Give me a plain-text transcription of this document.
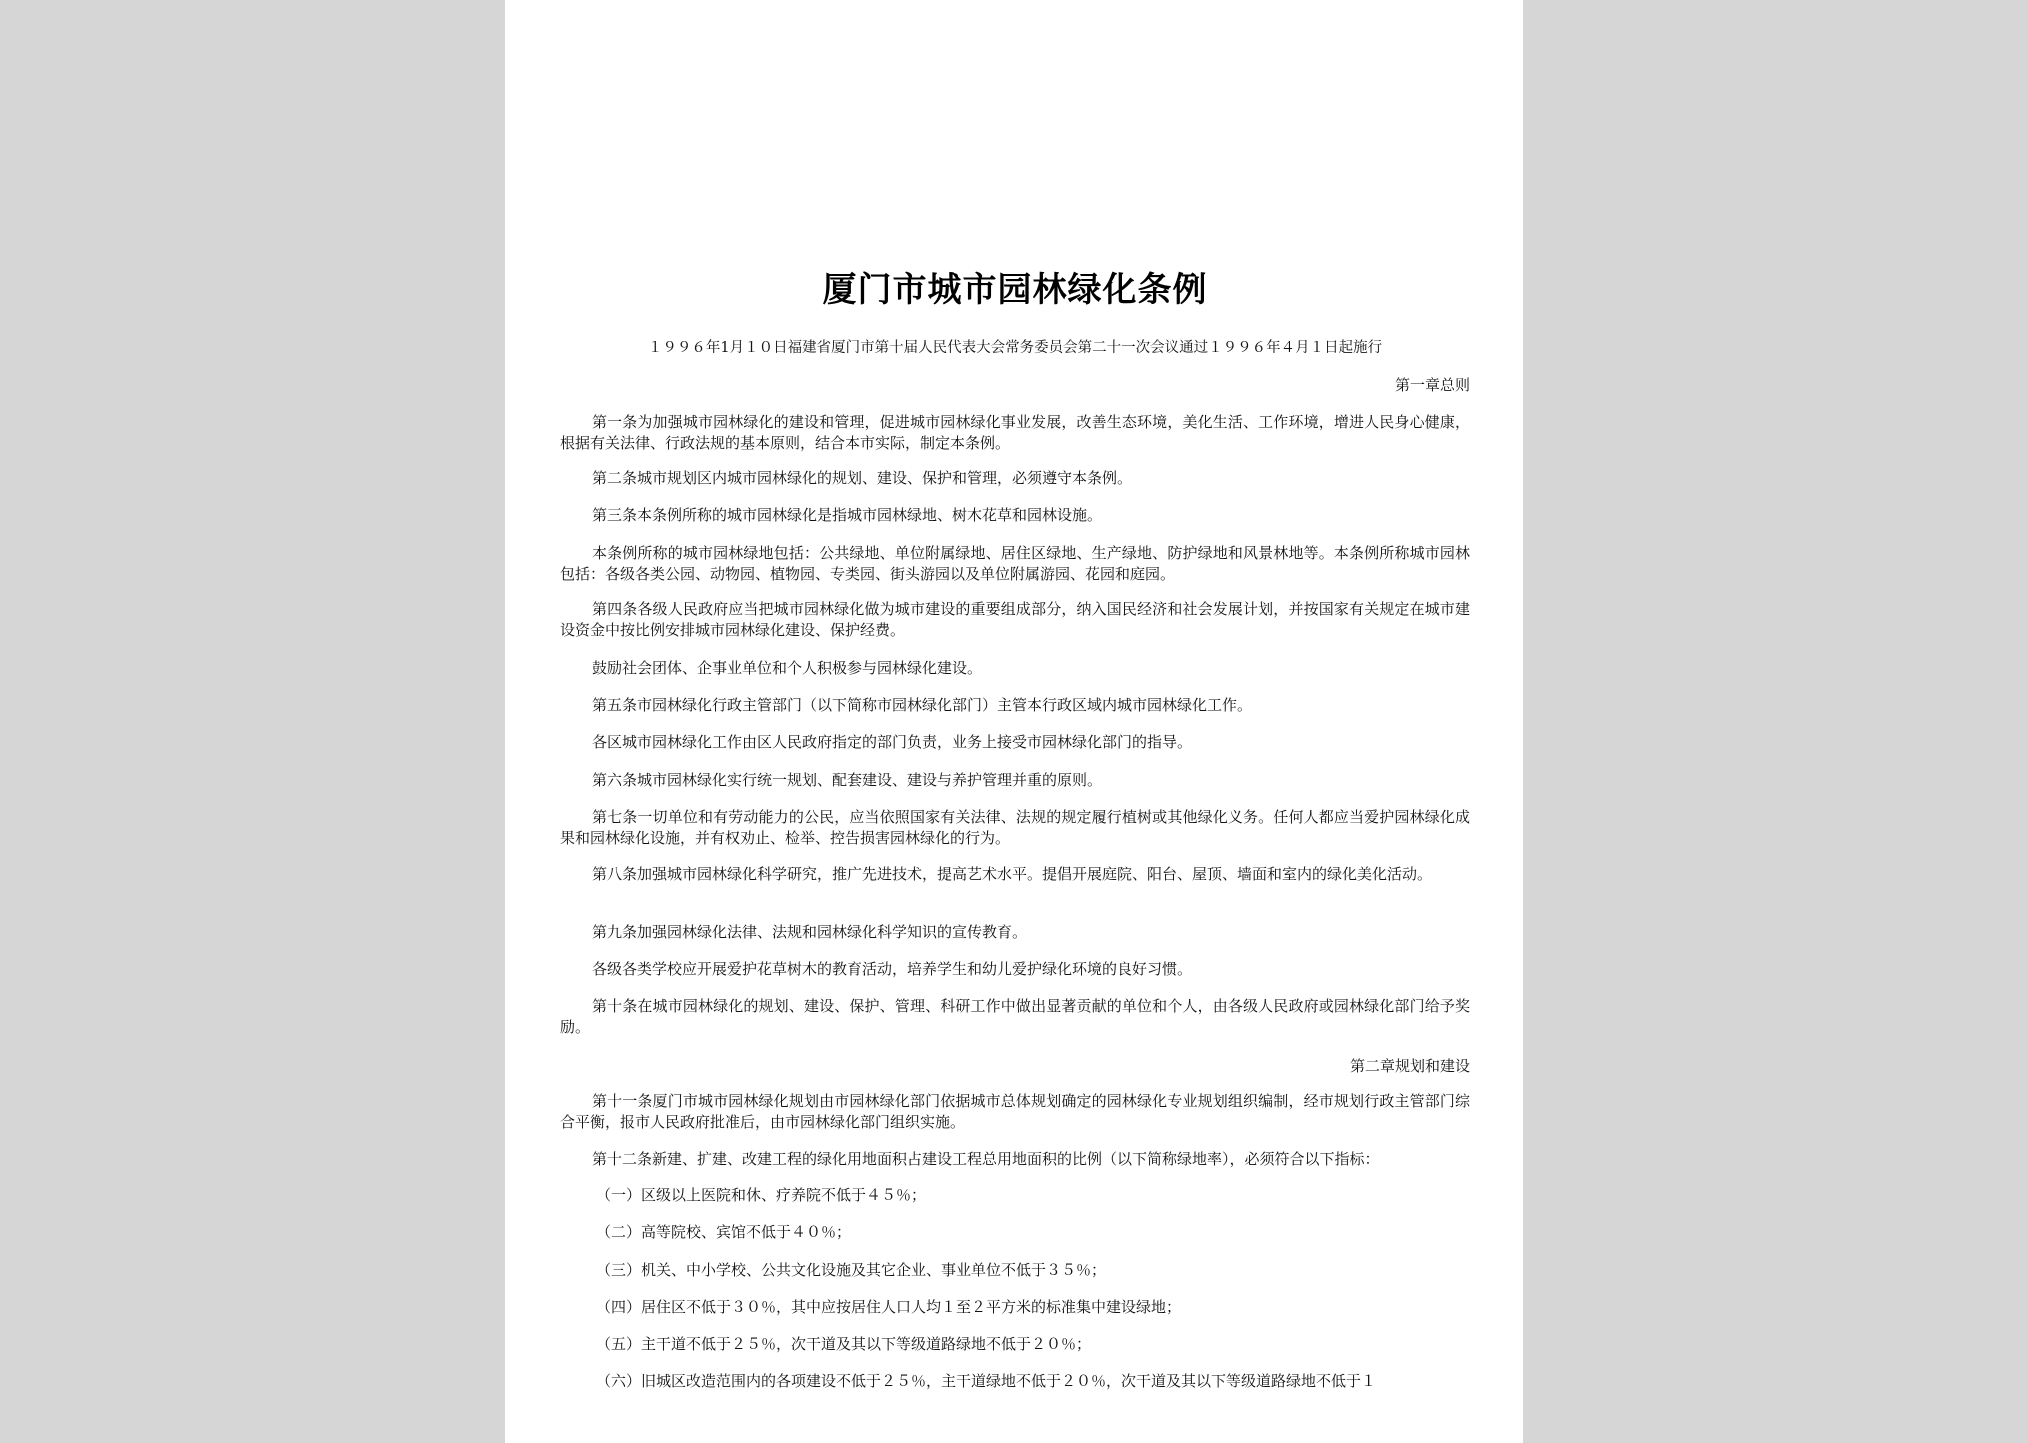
厦门市城市园林绿化条例
１９９６年1月１０日福建省厦门市第十届人民代表大会常务委员会第二十一次会议通过１９９６年４月１日起施行
第一章总则

第一条为加强城市园林绿化的建设和管理，促进城市园林绿化事业发展，改善生态环境，美化生活、工作环境，增进人民身心健康，根据有关法律、行政法规的基本原则，结合本市实际，制定本条例。

第二条城市规划区内城市园林绿化的规划、建设、保护和管理，必须遵守本条例。

第三条本条例所称的城市园林绿化是指城市园林绿地、树木花草和园林设施。

本条例所称的城市园林绿地包括：公共绿地、单位附属绿地、居住区绿地、生产绿地、防护绿地和风景林地等。本条例所称城市园林包括：各级各类公园、动物园、植物园、专类园、街头游园以及单位附属游园、花园和庭园。

第四条各级人民政府应当把城市园林绿化做为城市建设的重要组成部分，纳入国民经济和社会发展计划，并按国家有关规定在城市建设资金中按比例安排城市园林绿化建设、保护经费。

鼓励社会团体、企事业单位和个人积极参与园林绿化建设。

第五条市园林绿化行政主管部门（以下简称市园林绿化部门）主管本行政区域内城市园林绿化工作。

各区城市园林绿化工作由区人民政府指定的部门负责，业务上接受市园林绿化部门的指导。

第六条城市园林绿化实行统一规划、配套建设、建设与养护管理并重的原则。

第七条一切单位和有劳动能力的公民，应当依照国家有关法律、法规的规定履行植树或其他绿化义务。任何人都应当爱护园林绿化成果和园林绿化设施，并有权劝止、检举、控告损害园林绿化的行为。

第八条加强城市园林绿化科学研究，推广先进技术，提高艺术水平。提倡开展庭院、阳台、屋顶、墙面和室内的绿化美化活动。

第九条加强园林绿化法律、法规和园林绿化科学知识的宣传教育。

各级各类学校应开展爱护花草树木的教育活动，培养学生和幼儿爱护绿化环境的良好习惯。

第十条在城市园林绿化的规划、建设、保护、管理、科研工作中做出显著贡献的单位和个人，由各级人民政府或园林绿化部门给予奖励。

第二章规划和建设

第十一条厦门市城市园林绿化规划由市园林绿化部门依据城市总体规划确定的园林绿化专业规划组织编制，经市规划行政主管部门综合平衡，报市人民政府批准后，由市园林绿化部门组织实施。

第十二条新建、扩建、改建工程的绿化用地面积占建设工程总用地面积的比例（以下简称绿地率），必须符合以下指标：

（一）区级以上医院和休、疗养院不低于４５％；

（二）高等院校、宾馆不低于４０％；

（三）机关、中小学校、公共文化设施及其它企业、事业单位不低于３５％；

（四）居住区不低于３０％，其中应按居住人口人均１至２平方米的标准集中建设绿地；

（五）主干道不低于２５％，次干道及其以下等级道路绿地不低于２０％；

（六）旧城区改造范围内的各项建设不低于２５％，主干道绿地不低于２０％，次干道及其以下等级道路绿地不低于１
